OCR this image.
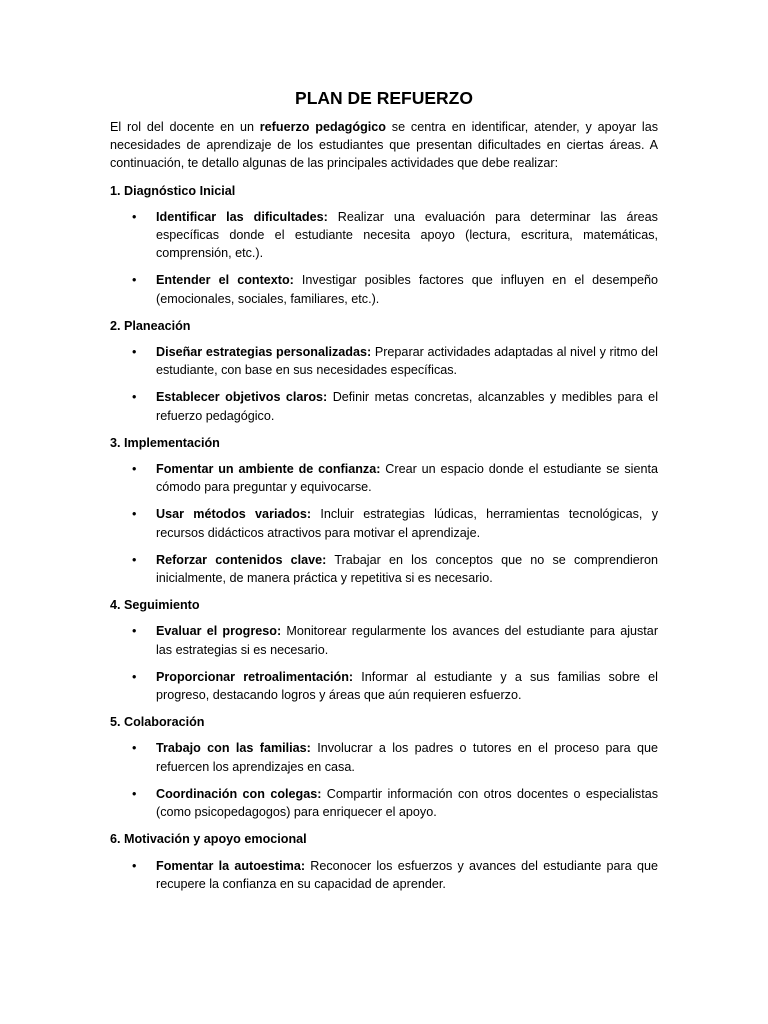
PLAN DE REFUERZO

El rol del docente en un refuerzo pedagógico se centra en identificar, atender, y apoyar las necesidades de aprendizaje de los estudiantes que presentan dificultades en ciertas áreas. A continuación, te detallo algunas de las principales actividades que debe realizar:

1. Diagnóstico Inicial
• Identificar las dificultades: Realizar una evaluación para determinar las áreas específicas donde el estudiante necesita apoyo (lectura, escritura, matemáticas, comprensión, etc.).
• Entender el contexto: Investigar posibles factores que influyen en el desempeño (emocionales, sociales, familiares, etc.).
2. Planeación
• Diseñar estrategias personalizadas: Preparar actividades adaptadas al nivel y ritmo del estudiante, con base en sus necesidades específicas.
• Establecer objetivos claros: Definir metas concretas, alcanzables y medibles para el refuerzo pedagógico.
3. Implementación
• Fomentar un ambiente de confianza: Crear un espacio donde el estudiante se sienta cómodo para preguntar y equivocarse.
• Usar métodos variados: Incluir estrategias lúdicas, herramientas tecnológicas, y recursos didácticos atractivos para motivar el aprendizaje.
• Reforzar contenidos clave: Trabajar en los conceptos que no se comprendieron inicialmente, de manera práctica y repetitiva si es necesario.
4. Seguimiento
• Evaluar el progreso: Monitorear regularmente los avances del estudiante para ajustar las estrategias si es necesario.
• Proporcionar retroalimentación: Informar al estudiante y a sus familias sobre el progreso, destacando logros y áreas que aún requieren esfuerzo.
5. Colaboración
• Trabajo con las familias: Involucrar a los padres o tutores en el proceso para que refuercen los aprendizajes en casa.
• Coordinación con colegas: Compartir información con otros docentes o especialistas (como psicopedagogos) para enriquecer el apoyo.
6. Motivación y apoyo emocional
• Fomentar la autoestima: Reconocer los esfuerzos y avances del estudiante para que recupere la confianza en su capacidad de aprender.
